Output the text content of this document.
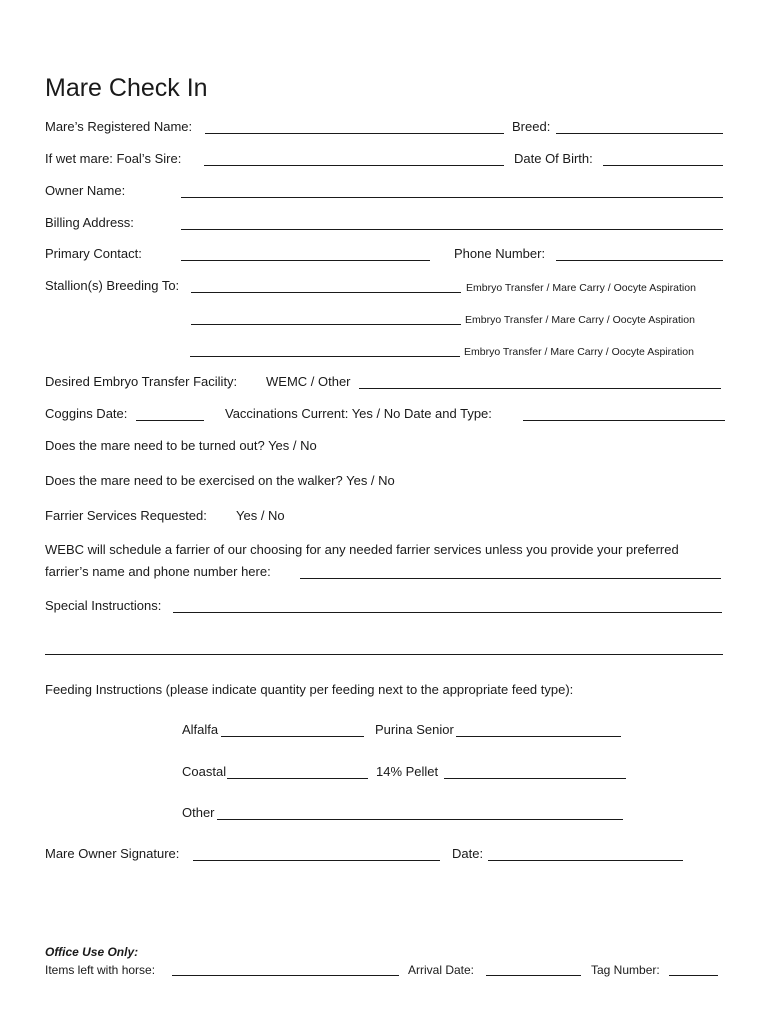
Mare Check In
Mare’s Registered Name:	Breed:
If wet mare: Foal’s Sire:	Date Of Birth:
Owner Name:
Billing Address:
Primary Contact:	Phone Number:
Stallion(s) Breeding To:	Embryo Transfer / Mare Carry / Oocyte Aspiration
Embryo Transfer / Mare Carry / Oocyte Aspiration
Embryo Transfer / Mare Carry / Oocyte Aspiration
Desired Embryo Transfer Facility: WEMC / Other
Coggins Date:	Vaccinations Current: Yes / No Date and Type:
Does the mare need to be turned out? Yes / No
Does the mare need to be exercised on the walker? Yes / No
Farrier Services Requested: Yes / No
WEBC will schedule a farrier of our choosing for any needed farrier services unless you provide your preferred
farrier’s name and phone number here:
Special Instructions:
Feeding Instructions (please indicate quantity per feeding next to the appropriate feed type):
Alfalfa	Purina Senior
Coastal	14% Pellet
Other
Mare Owner Signature:	Date:
Office Use Only:
Items left with horse:	Arrival Date:	Tag Number:
